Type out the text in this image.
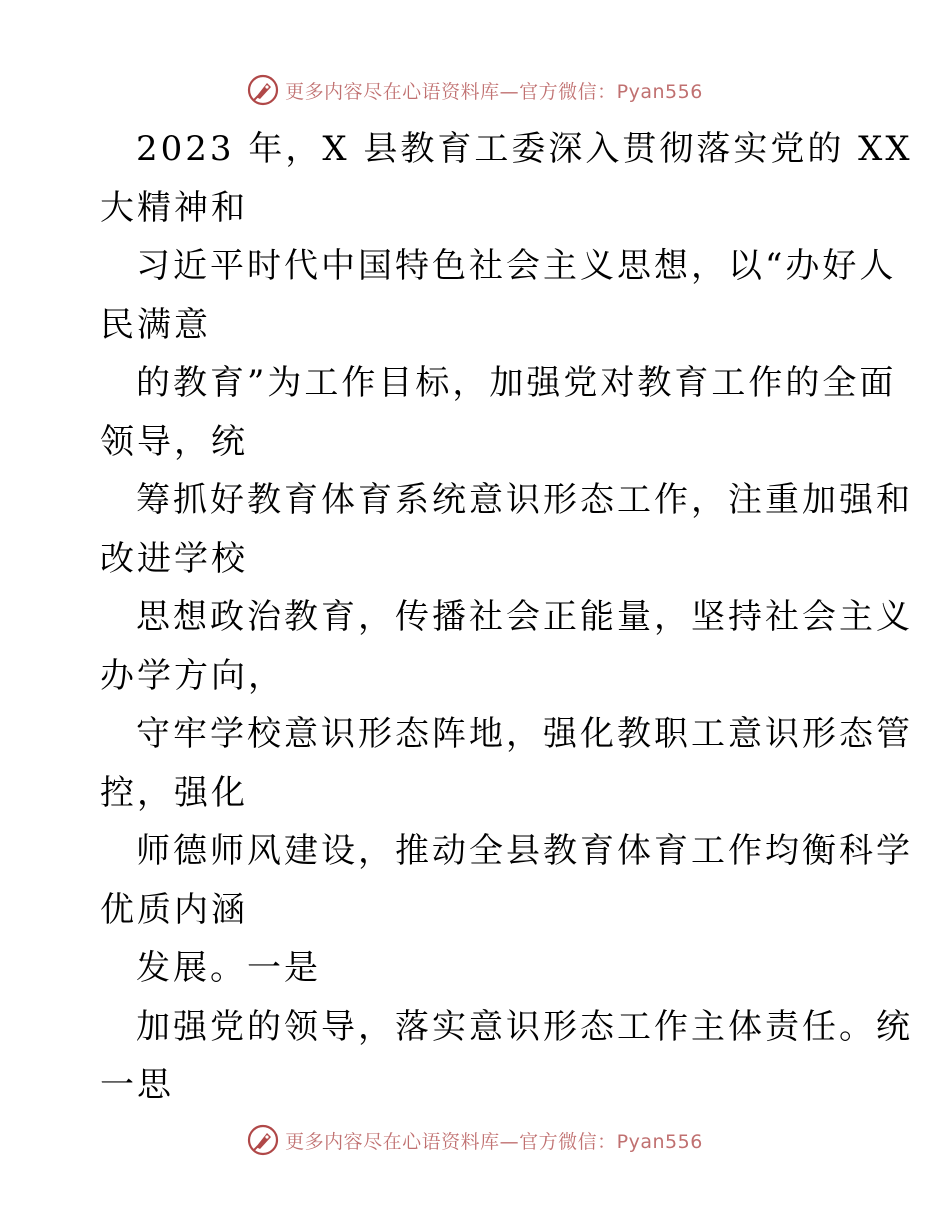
更多内容尽在心语资料库—官方微信：Pyan556
2023 年，X 县教育工委深入贯彻落实党的 XX
大精神和
习近平时代中国特色社会主义思想，以“办好人
民满意
的教育”为工作目标，加强党对教育工作的全面
领导，统
筹抓好教育体育系统意识形态工作，注重加强和
改进学校
思想政治教育，传播社会正能量，坚持社会主义
办学方向，
守牢学校意识形态阵地，强化教职工意识形态管
控，强化
师德师风建设，推动全县教育体育工作均衡科学
优质内涵
发展。一是
加强党的领导，落实意识形态工作主体责任。统
一思
更多内容尽在心语资料库—官方微信：Pyan556
